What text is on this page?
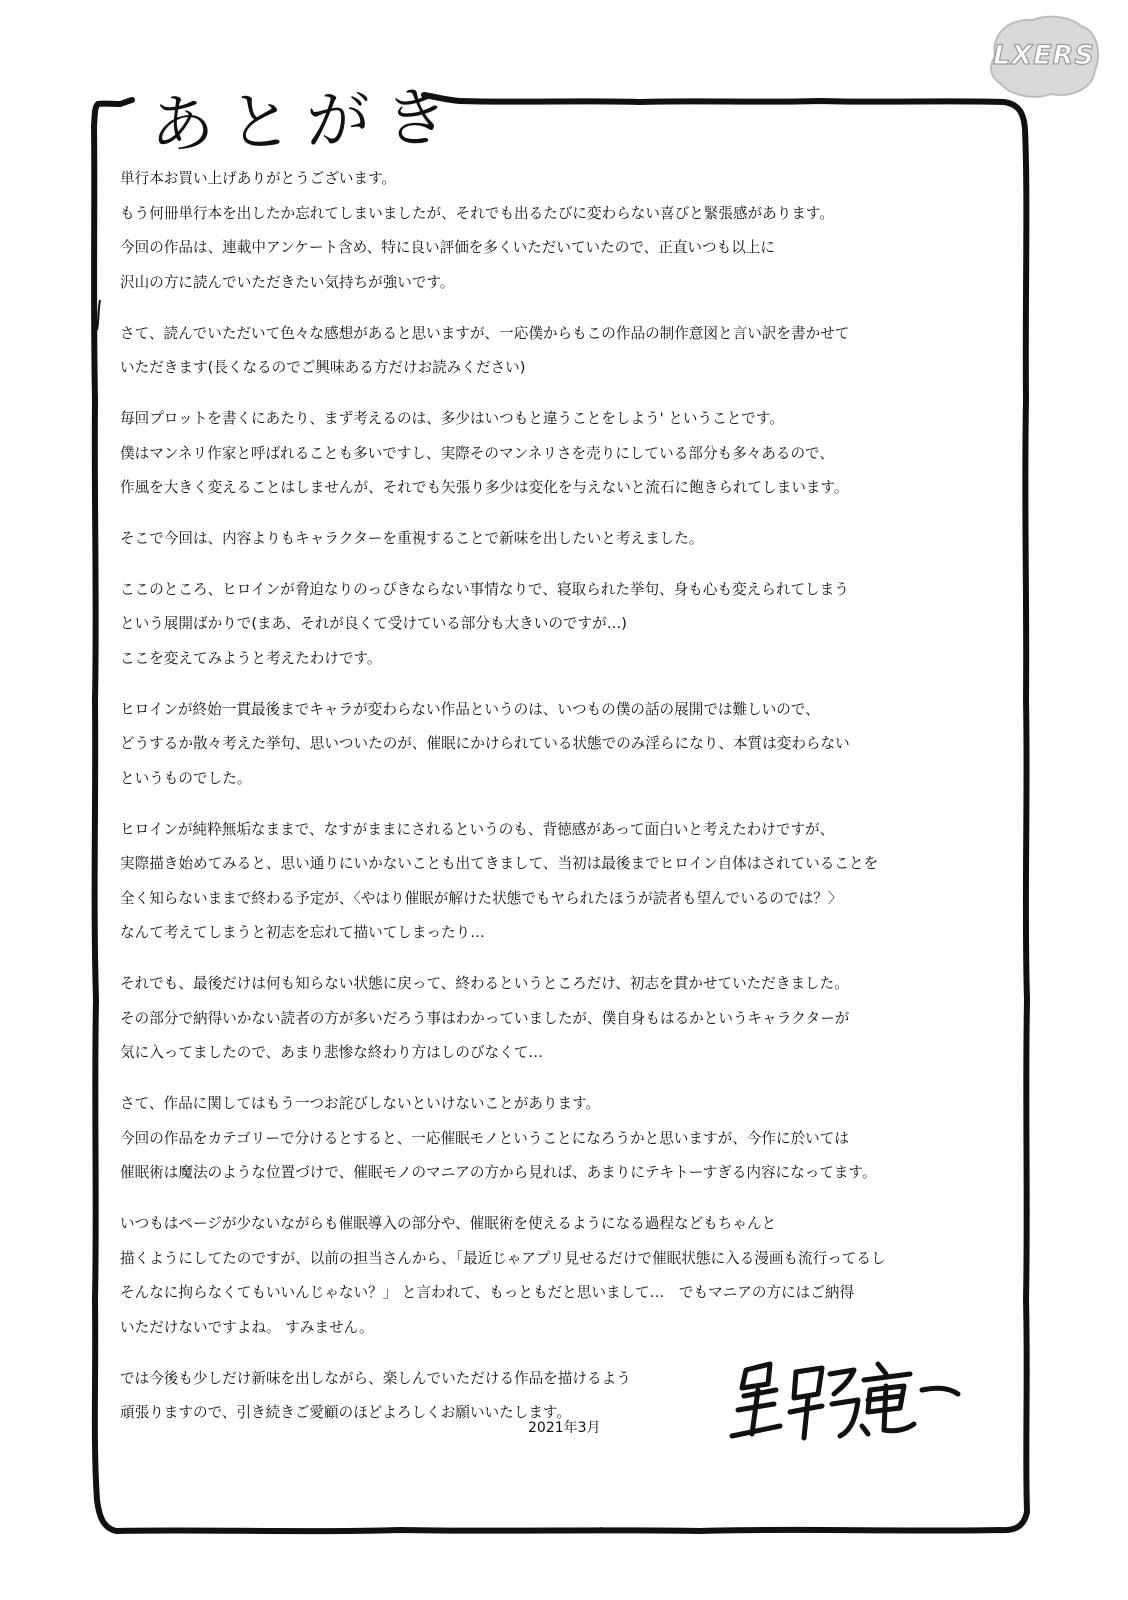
あとがき
LXERS
単行本お買い上げありがとうございます。
もう何冊単行本を出したか忘れてしまいましたが、それでも出るたびに変わらない喜びと緊張感があります。
今回の作品は、連載中アンケート含め、特に良い評価を多くいただいていたので、正直いつも以上に
沢山の方に読んでいただきたい気持ちが強いです。
さて、読んでいただいて色々な感想があると思いますが、一応僕からもこの作品の制作意図と言い訳を書かせて
いただきます(長くなるのでご興味ある方だけお読みください)
毎回プロットを書くにあたり、まず考えるのは、多少はいつもと違うことをしよう' ということです。
僕はマンネリ作家と呼ばれることも多いですし、実際そのマンネリさを売りにしている部分も多々あるので、
作風を大きく変えることはしませんが、それでも矢張り多少は変化を与えないと流石に飽きられてしまいます。
そこで今回は、内容よりもキャラクターを重視することで新味を出したいと考えました。
ここのところ、ヒロインが脅迫なりのっぴきならない事情なりで、寝取られた挙句、身も心も変えられてしまう
という展開ばかりで(まあ、それが良くて受けている部分も大きいのですが…)
ここを変えてみようと考えたわけです。
ヒロインが終始一貫最後までキャラが変わらない作品というのは、いつもの僕の話の展開では難しいので、
どうするか散々考えた挙句、思いついたのが、催眠にかけられている状態でのみ淫らになり、本質は変わらない
というものでした。
ヒロインが純粋無垢なままで、なすがままにされるというのも、背徳感があって面白いと考えたわけですが、
実際描き始めてみると、思い通りにいかないことも出てきまして、当初は最後までヒロイン自体はされていることを
全く知らないままで終わる予定が、〈やはり催眠が解けた状態でもヤられたほうが読者も望んでいるのでは？〉
なんて考えてしまうと初志を忘れて描いてしまったり…
それでも、最後だけは何も知らない状態に戻って、終わるというところだけ、初志を貫かせていただきました。
その部分で納得いかない読者の方が多いだろう事はわかっていましたが、僕自身もはるかというキャラクターが
気に入ってましたので、あまり悲惨な終わり方はしのびなくて…
さて、作品に関してはもう一つお詫びしないといけないことがあります。
今回の作品をカテゴリーで分けるとすると、一応催眠モノということになろうかと思いますが、今作に於いては
催眠術は魔法のような位置づけで、催眠モノのマニアの方から見れば、あまりにテキトーすぎる内容になってます。
いつもはページが少ないながらも催眠導入の部分や、催眠術を使えるようになる過程などもちゃんと
描くようにしてたのですが、以前の担当さんから、「最近じゃアプリ見せるだけで催眠状態に入る漫画も流行ってるし
そんなに拘らなくてもいいんじゃない？」 と言われて、もっともだと思いまして…　でもマニアの方にはご納得
いただけないですよね。 すみません。
では今後も少しだけ新味を出しながら、楽しんでいただける作品を描けるよう
頑張りますので、引き続きご愛顧のほどよろしくお願いいたします。
2021年3月
